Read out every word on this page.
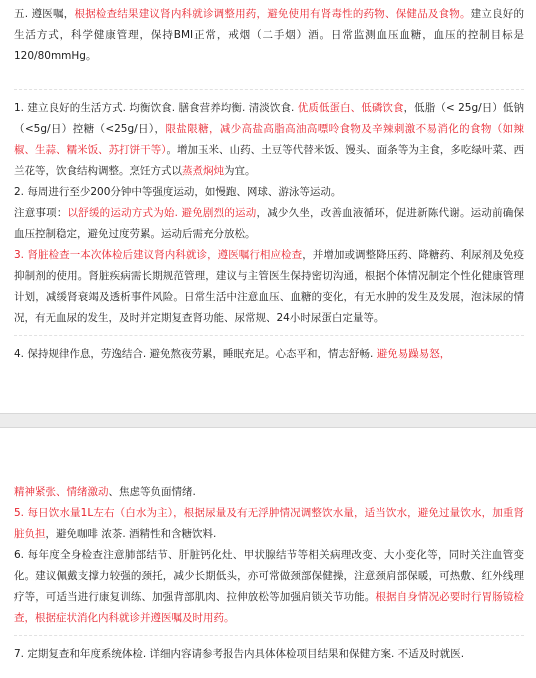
五. 遵医嘱，根据检查结果建议肾内科就诊调整用药，避免使用有肾毒性的药物、保健品及食物。建立良好的生活方式，科学健康管理，保持BMI正常，戒烟（二手烟）酒。日常监测血压血糖，血压的控制目标是120/80mmHg。

1. 建立良好的生活方式. 均衡饮食. 膳食营养均衡. 清淡饮食. 优质低蛋白、低磷饮食，低脂（< 25g/日）低钠（<5g/日）控糖（<25g/日），限盐限糖，减少高盐高脂高油高嘌呤食物及辛辣刺激不易消化的食物（如辣椒、生蒜、糯米饭、苏打饼干等）。增加玉米、山药、土豆等代替米饭、馒头、面条等为主食，多吃绿叶菜、西兰花等，饮食结构调整。烹饪方式以蒸煮焖炖为宜。

2. 每周进行至少200分钟中等强度运动，如慢跑、网球、游泳等运动。

注意事项：以舒缓的运动方式为始. 避免剧烈的运动，减少久坐，改善血液循环，促进新陈代谢。运动前确保血压控制稳定，避免过度劳累。运动后需充分放松。

3. 肾脏检查一本次体检后建议肾内科就诊，遵医嘱行相应检查，并增加或调整降压药、降糖药、利尿剂及免疫抑制剂的使用。肾脏疾病需长期规范管理，建议与主管医生保持密切沟通，根据个体情况制定个性化健康管理计划，减缓肾衰竭及透析事件风险。日常生活中注意血压、血糖的变化，有无水肿的发生及发展，泡沫尿的情况，有无血尿的发生，及时并定期复查肾功能、尿常规、24小时尿蛋白定量等。

4. 保持规律作息，劳逸结合. 避免熬夜劳累，睡眠充足。心态平和，情志舒畅. 避免易躁易怒，

精神紧张、情绪激动、焦虑等负面情绪.

5. 每日饮水量1L左右（白水为主），根据尿量及有无浮肿情况调整饮水量，适当饮水，避免过量饮水，加重肾脏负担，避免咖啡 浓茶. 酒精性和含糖饮料.

6. 每年度全身检查注意肺部结节、肝脏钙化灶、甲状腺结节等相关病理改变、大小变化等，同时关注血管变化。建议佩戴支撑力较强的颈托，减少长期低头，亦可常做颈部保健操，注意颈肩部保暖，可热敷、红外线理疗等，可适当进行康复训练、加强背部肌肉、拉伸放松等加强肩锁关节功能。根据自身情况必要时行胃肠镜检查，根据症状消化内科就诊并遵医嘱及时用药。

7. 定期复查和年度系统体检. 详细内容请参考报告内具体体检项目结果和保健方案. 不适及时就医.
